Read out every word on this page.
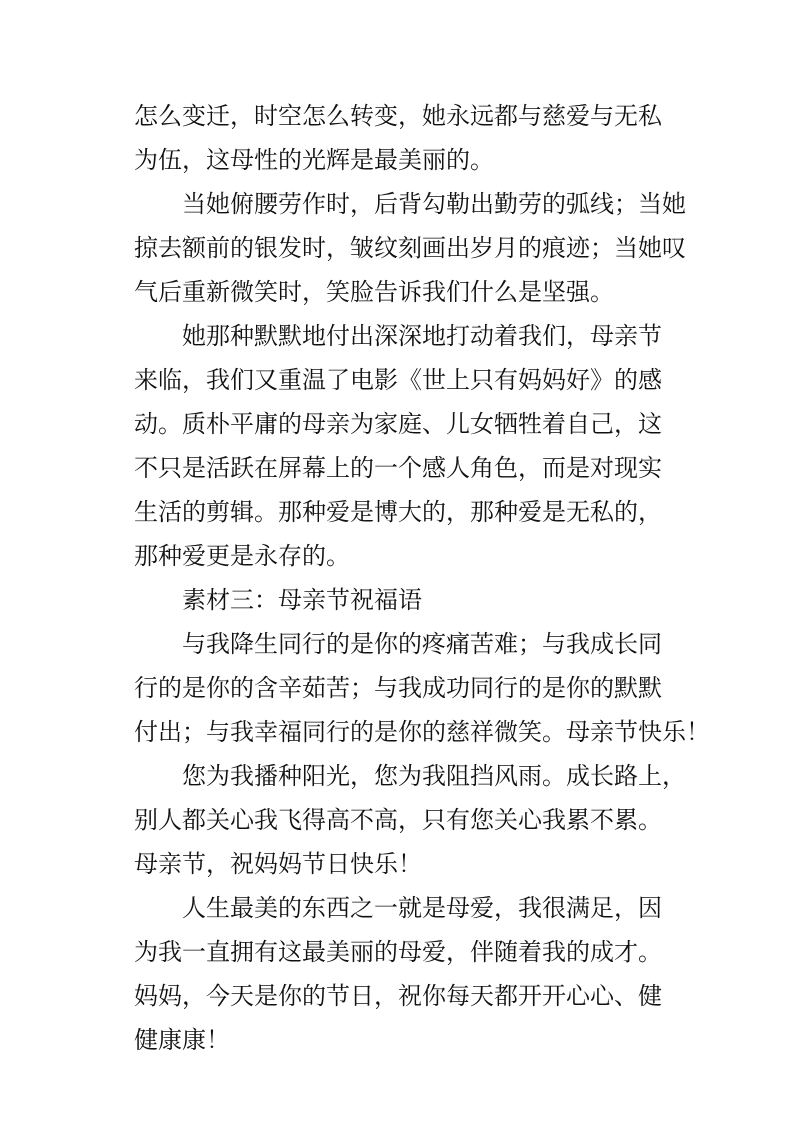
怎么变迁，时空怎么转变，她永远都与慈爱与无私
为伍，这母性的光辉是最美丽的。
当她俯腰劳作时，后背勾勒出勤劳的弧线；当她
掠去额前的银发时，皱纹刻画出岁月的痕迹；当她叹
气后重新微笑时，笑脸告诉我们什么是坚强。
她那种默默地付出深深地打动着我们，母亲节
来临，我们又重温了电影《世上只有妈妈好》的感
动。质朴平庸的母亲为家庭、儿女牺牲着自己，这
不只是活跃在屏幕上的一个感人角色，而是对现实
生活的剪辑。那种爱是博大的，那种爱是无私的，
那种爱更是永存的。
素材三：母亲节祝福语
与我降生同行的是你的疼痛苦难；与我成长同
行的是你的含辛茹苦；与我成功同行的是你的默默
付出；与我幸福同行的是你的慈祥微笑。母亲节快乐！
您为我播种阳光，您为我阻挡风雨。成长路上，
别人都关心我飞得高不高，只有您关心我累不累。
母亲节，祝妈妈节日快乐！
人生最美的东西之一就是母爱，我很满足，因
为我一直拥有这最美丽的母爱，伴随着我的成才。
妈妈，今天是你的节日，祝你每天都开开心心、健
健康康！
